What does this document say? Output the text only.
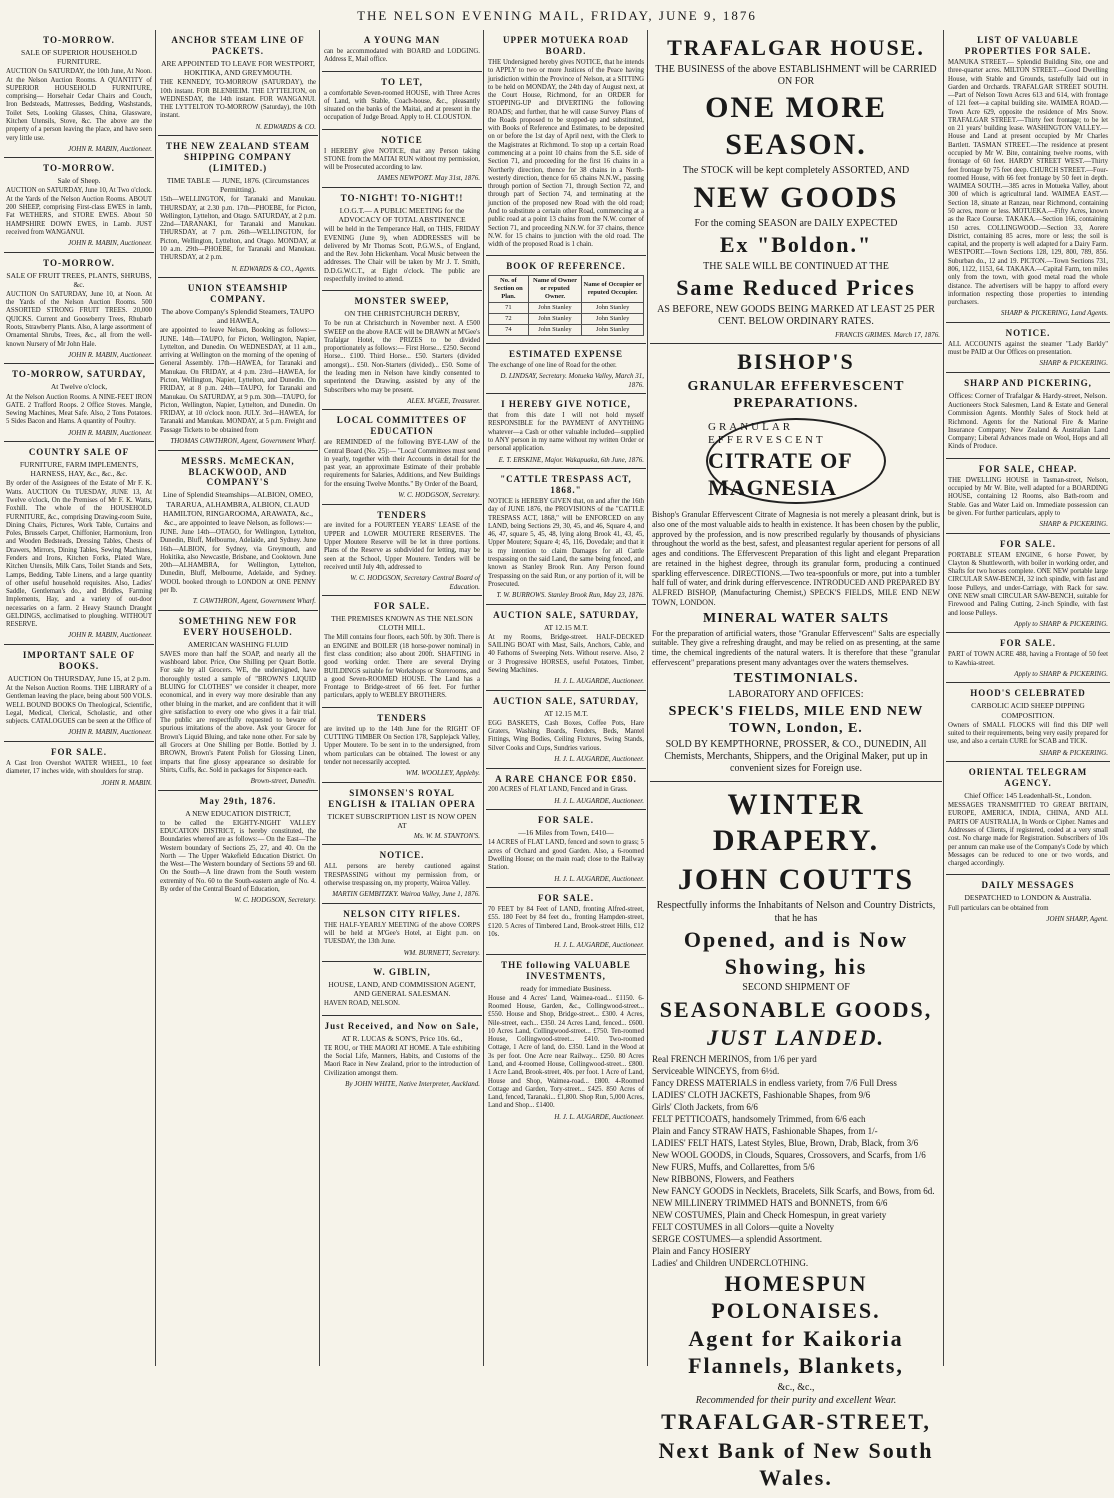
THE NELSON EVENING MAIL, FRIDAY, JUNE 9, 1876
TO-MORROW.
SALE OF SUPERIOR HOUSEHOLD FURNITURE.
AUCTION On SATURDAY, the 10th June, At Noon. At the Nelson Auction Rooms. A QUANTITY of SUPERIOR HOUSEHOLD FURNITURE, comprising— Horsehair Cedar Chairs and Couch, Iron Bedsteads, Mattresses, Bedding, Washstands, Toilet Sets, Looking Glasses, China, Glassware, Kitchen Utensils, Stove, &c. The above are the property of a person leaving the place, and have seen very little use.
JOHN R. MABIN, Auctioneer.
TO-MORROW.
Sale of Sheep.
AUCTION on SATURDAY, June 10, At Two o'clock. At the Yards of the Nelson Auction Rooms. ABOUT 200 SHEEP, comprising First-class EWES in lamb, Fat WETHERS, and STORE EWES. About 50 HAMPSHIRE DOWN EWES, in Lamb. JUST received from WANGANUI.
JOHN R. MABIN, Auctioneer.
TO-MORROW.
SALE OF FRUIT TREES, PLANTS, SHRUBS, &c.
AUCTION On SATURDAY, June 10, at Noon. At the Yards of the Nelson Auction Rooms. 500 ASSORTED STRONG FRUIT TREES. 20,000 QUICKS. Current and Gooseberry Trees, Rhubarb Roots, Strawberry Plants. Also, A large assortment of Ornamental Shrubs, Trees, &c., all from the well-known Nursery of Mr John Hale.
JOHN R. MABIN, Auctioneer.
TO-MORROW, SATURDAY,
At Twelve o'clock,
At the Nelson Auction Rooms. A NINE-FEET IRON GATE. 2 Trafford Roops. 2 Office Stoves. Mangle, Sewing Machines, Meat Safe. Also, 2 Tons Potatoes. 5 Sides Bacon and Hams. A quantity of Poultry.
JOHN R. MABIN, Auctioneer.
COUNTRY SALE OF
FURNITURE, FARM IMPLEMENTS, HARNESS, HAY, &c., &c., &c.
By order of the Assignees of the Estate of Mr F. K. Watts. AUCTION On TUESDAY, JUNE 13, At Twelve o'clock, On the Premises of Mr F. K. Watts, Foxhill. The whole of the HOUSEHOLD FURNITURE, &c., comprising Drawing-room Suite, Dining Chairs, Pictures, Work Table, Curtains and Poles, Brussels Carpet, Chiffonier, Harmonium, Iron and Wooden Bedsteads, Dressing Tables, Chests of Drawers, Mirrors, Dining Tables, Sewing Machines, Fenders and Irons, Kitchen Forks, Plated Ware, Kitchen Utensils, Milk Cans, Toilet Stands and Sets, Lamps, Bedding, Table Linens, and a large quantity of other useful household requisites. Also, Ladies' Saddle, Gentleman's do., and Bridles, Farming Implements, Hay, and a variety of out-door necessaries on a farm. 2 Heavy Staunch Draught GELDINGS, acclimatised to ploughing. WITHOUT RESERVE.
JOHN R. MABIN, Auctioneer.
IMPORTANT SALE OF BOOKS.
AUCTION On THURSDAY, June 15, at 2 p.m.
At the Nelson Auction Rooms. THE LIBRARY of a Gentleman leaving the place, being about 500 VOLS. WELL BOUND BOOKS On Theological, Scientific, Legal, Medical, Clerical, Scholastic, and other subjects. CATALOGUES can be seen at the Office of
JOHN R. MABIN, Auctioneer.
FOR SALE.
A Cast Iron Overshot WATER WHEEL, 10 feet diameter, 17 inches wide, with shoulders for strap.
JOHN R. MABIN.
ANCHOR STEAM LINE OF PACKETS.
ARE APPOINTED TO LEAVE FOR WESTPORT, HOKITIKA, AND GREYMOUTH.
THE KENNEDY, TO-MORROW (SATURDAY), the 10th instant. FOR BLENHEIM. THE LYTTELTON, on WEDNESDAY, the 14th instant. FOR WANGANUI. THE LYTTELTON TO-MORROW (Saturday), the 10th instant.
N. EDWARDS & CO.
THE NEW ZEALAND STEAM SHIPPING COMPANY (LIMITED.)
TIME TABLE — JUNE, 1876. (Circumstances Permitting).
15th—WELLINGTON, for Taranaki and Manukau. THURSDAY, at 2.30 p.m. 17th—PHOEBE, for Picton, Wellington, Lyttelton, and Otago. SATURDAY, at 2 p.m. 22nd—TARANAKI, for Taranaki and Manukau. THURSDAY, at 7 p.m. 26th—WELLINGTON, for Picton, Wellington, Lyttelton, and Otago. MONDAY, at 10 a.m. 29th—PHOEBE, for Taranaki and Manukau. THURSDAY, at 2 p.m.
N. EDWARDS & CO., Agents.
UNION STEAMSHIP COMPANY.
The above Company's Splendid Steamers, TAUPO and HAWEA,
are appointed to leave Nelson, Booking as follows:— JUNE. 14th—TAUPO, for Picton, Wellington, Napier, Lyttelton, and Dunedin. On WEDNESDAY, at 11 a.m., arriving at Wellington on the morning of the opening of General Assembly. 17th—HAWEA, for Taranaki and Manukau. On FRIDAY, at 4 p.m. 23rd—HAWEA, for Picton, Wellington, Napier, Lyttelton, and Dunedin. On FRIDAY, at 8 p.m. 24th—TAUPO, for Taranaki and Manukau. On SATURDAY, at 9 p.m. 30th—TAUPO, for Picton, Wellington, Napier, Lyttelton, and Dunedin. On FRIDAY, at 10 o'clock noon. JULY. 3rd—HAWEA, for Taranaki and Manukau. MONDAY, at 5 p.m. Freight and Passage Tickets to be obtained from
THOMAS CAWTHRON, Agent, Government Wharf.
MESSRS. McMECKAN, BLACKWOOD, AND COMPANY'S
Line of Splendid Steamships—ALBION, OMEO, TARARUA, ALHAMBRA, ALBION, CLAUD HAMILTON, RINGAROOMA, ARAWATA, &c., &c., are appointed to leave Nelson, as follows:—
JUNE. June 14th—OTAGO, for Wellington, Lyttelton, Dunedin, Bluff, Melbourne, Adelaide, and Sydney. June 16th—ALBION, for Sydney, via Greymouth, and Hokitika, also Newcastle, Brisbane, and Cooktown. June 20th—ALHAMBRA, for Wellington, Lyttelton, Dunedin, Bluff, Melbourne, Adelaide, and Sydney. WOOL booked through to LONDON at ONE PENNY per lb.
T. CAWTHRON, Agent, Government Wharf.
SOMETHING NEW FOR EVERY HOUSEHOLD.
AMERICAN WASHING FLUID
SAVES more than half the SOAP, and nearly all the washboard labor. Price, One Shilling per Quart Bottle. For sale by all Grocers. WE, the undersigned, have thoroughly tested a sample of "BROWN'S LIQUID BLUING for CLOTHES" we consider it cheaper, more economical, and in every way more desirable than any other bluing in the market, and are confident that it will give satisfaction to every one who gives it a fair trial. The public are respectfully requested to beware of spurious imitations of the above. Ask your Grocer for Brown's Liquid Bluing, and take none other. For sale by all Grocers at One Shilling per Bottle. Bottled by J. BROWN, Brown's Patent Polish for Glossing Linen, imparts that fine glossy appearance so desirable for Shirts, Cuffs, &c. Sold in packages for Sixpence each.
Brown-street, Dunedin.
May 29th, 1876.
A NEW EDUCATION DISTRICT,
to be called the EIGHTY-NIGHT VALLEY EDUCATION DISTRICT, is hereby constituted, the Boundaries whereof are as follows:— On the East—The Western boundary of Sections 25, 27, and 40. On the North — The Upper Wakefield Education District. On the West—The Western boundary of Sections 59 and 60. On the South—A line drawn from the South western extremity of No. 60 to the South-eastern angle of No. 4. By order of the Central Board of Education,
W. C. HODGSON, Secretary.
A YOUNG MAN
can be accommodated with BOARD and LODGING. Address E, Mail office.
TO LET,
a comfortable Seven-roomed HOUSE, with Three Acres of Land, with Stable, Coach-house, &c., pleasantly situated on the banks of the Maitai, and at present in the occupation of Judge Broad. Apply to H. CLOUSTON.
NOTICE
I HEREBY give NOTICE, that any Person taking STONE from the MAITAI RUN without my permission, will be Prosecuted according to law.
JAMES NEWPORT. May 31st, 1876.
TO-NIGHT! TO-NIGHT!!
I.O.G.T.— A PUBLIC MEETING for the ADVOCACY OF TOTAL ABSTINENCE
will be held in the Temperance Hall, on THIS, FRIDAY EVENING (June 9), when ADDRESSES will be delivered by Mr Thomas Scott, P.G.W.S., of England, and the Rev. John Hickenham. Vocal Music between the addresses. The Chair will be taken by Mr J. T. Smith, D.D.G.W.C.T., at Eight o'clock. The public are respectfully invited to attend.
MONSTER SWEEP,
ON THE CHRISTCHURCH DERBY,
To be run at Christchurch in November next. A £500 SWEEP on the above RACE will be DRAWN at M'Gee's Trafalgar Hotel, the PRIZES to be divided proportionately as follows:— First Horse... £250. Second Horse... £100. Third Horse... £50. Starters (divided amongst)... £50. Non-Starters (divided)... £50. Some of the leading men in Nelson have kindly consented to superintend the Drawing, assisted by any of the Subscribers who may be present.
ALEX. M'GEE, Treasurer.
LOCAL COMMITTEES OF EDUCATION
are REMINDED of the following BYE-LAW of the Central Board (No. 25):— "Local Committees must send in yearly, together with their Accounts in detail for the past year, an approximate Estimate of their probable requirements for Salaries, Additions, and New Buildings for the ensuing Twelve Months." By Order of the Board,
W. C. HODGSON, Secretary.
TENDERS
are invited for a FOURTEEN YEARS' LEASE of the UPPER and LOWER MOUTERE RESERVES. The Upper Moutere Reserve will be let in three portions. Plans of the Reserve as subdivided for letting, may be seen at the School, Upper Moutere. Tenders will be received until July 4th, addressed to
W. C. HODGSON, Secretary Central Board of Education.
FOR SALE.
THE PREMISES KNOWN AS THE NELSON CLOTH MILL.
The Mill contains four floors, each 50ft. by 30ft. There is an ENGINE and BOILER (18 horse-power nominal) in first class condition; also about 200ft. SHAFTING in good working order. There are several Drying BUILDINGS suitable for Workshops or Storerooms, and a good Seven-ROOMED HOUSE. The Land has a Frontage to Bridge-street of 66 feet. For further particulars, apply to WEBLEY BROTHERS.
TENDERS
are invited up to the 14th June for the RIGHT OF CUTTING TIMBER On Section 178, Sapplejack Valley, Upper Moutere. To be sent in to the undersigned, from whom particulars can be obtained. The lowest or any tender not necessarily accepted.
WM. WOOLLEY, Appleby.
SIMONSEN'S ROYAL ENGLISH & ITALIAN OPERA
TICKET SUBSCRIPTION LIST IS NOW OPEN AT
Ms. W. M. STANTON'S.
NOTICE.
ALL persons are hereby cautioned against TRESPASSING without my permission from, or otherwise trespassing on, my property, Wairoa Valley.
MARTIN GEMBITZKY. Wairoa Valley, June 1, 1876.
NELSON CITY RIFLES.
THE HALF-YEARLY MEETING of the above CORPS will be held at M'Gee's Hotel, at Eight p.m. on TUESDAY, the 13th June.
WM. BURNETT, Secretary.
W. GIBLIN,
HOUSE, LAND, AND COMMISSION AGENT, AND GENERAL SALESMAN.
HAVEN ROAD, NELSON.
Just Received, and Now on Sale,
AT R. LUCAS & SON'S, Price 10s. 6d.,
TE ROU, or THE MAORI AT HOME. A Tale exhibiting the Social Life, Manners, Habits, and Customs of the Maori Race in New Zealand, prior to the introduction of Civilization amongst them.
By JOHN WHITE, Native Interpreter, Auckland.
UPPER MOTUEKA ROAD BOARD.
THE Undersigned hereby gives NOTICE, that he intends to APPLY to two or more Justices of the Peace having jurisdiction within the Province of Nelson, at a SITTING to be held on MONDAY, the 24th day of August next, at the Court House, Richmond, for an ORDER for STOPPING-UP and DIVERTING the following ROADS; and further, that he will cause Survey Plans of the Roads proposed to be stopped-up and substituted, with Books of Reference and Estimates, to be deposited on or before the 1st day of April next, with the Clerk to the Magistrates at Richmond. To stop up a certain Road commencing at a point 10 chains from the S.E. side of Section 71, and proceeding for the first 16 chains in a Northerly direction, thence for 38 chains in a North-westerly direction, thence for 65 chains N.N.W., passing through portion of Section 71, through Section 72, and through part of Section 74, and terminating at the junction of the proposed new Road with the old road; And to substitute a certain other Road, commencing at a public road at a point 13 chains from the N.W. corner of Section 71, and proceeding N.N.W. for 37 chains, thence N.W. for 15 chains to junction with the old road. The width of the proposed Road is 1 chain.
BOOK OF REFERENCE.
No. of Section on Plan.	Name of Owner or reputed Owner.	Name of Occupier or reputed Occupier.
71	John Stanley	John Stanley
72	John Stanley	John Stanley
74	John Stanley	John Stanley
ESTIMATED EXPENSE
The exchange of one line of Road for the other.
D. LINDSAY, Secretary. Motueka Valley, March 31, 1876.
I HEREBY GIVE NOTICE,
that from this date I will not hold myself RESPONSIBLE for the PAYMENT of ANYTHING whatever—a Cash or other valuable included—supplied to ANY person in my name without my written Order or personal application.
E. T. ERSKINE, Major. Wakapuaka, 6th June, 1876.
"CATTLE TRESPASS ACT, 1868."
NOTICE is HEREBY GIVEN that, on and after the 16th day of JUNE 1876, the PROVISIONS of the "CATTLE TRESPASS ACT, 1868," will be ENFORCED on any LAND, being Sections 29, 30, 45, and 46, Square 4, and 46, 47, square 5, 45, 48, lying along Brook 41, 43, 45, Upper Moutere; Square 4; 45, 116, Dovedale; and that it is my intention to claim Damages for all Cattle trespassing on the said Land, the same being fenced, and known as Stanley Brook Run. Any Person found Trespassing on the said Run, or any portion of it, will be Prosecuted.
T. W. BURROWS. Stanley Brook Run, May 23, 1876.
AUCTION SALE, SATURDAY,
AT 12.15 M.T.
At my Rooms, Bridge-street. HALF-DECKED SAILING BOAT with Mast, Sails, Anchors, Cable, and 40 Fathoms of Sweeping Nets. Without reserve. Also, 2 or 3 Progressive HORSES, useful Potatoes, Timber, Sewing Machines.
H. J. L. AUGARDE, Auctioneer.
AUCTION SALE, SATURDAY,
AT 12.15 M.T.
EGG BASKETS, Cash Boxes, Coffee Pots, Hare Graters, Washing Boards, Fenders, Beds, Mantel Fittings, Wing Bodies, Ceiling Fixtures, Swing Stands, Silver Cooks and Cups, Sundries various.
H. J. L. AUGARDE, Auctioneer.
A RARE CHANCE FOR £850.
200 ACRES of FLAT LAND, Fenced and in Grass.
H. J. L. AUGARDE, Auctioneer.
FOR SALE.
—16 Miles from Town, £410—
14 ACRES of FLAT LAND, fenced and sown to grass; 5 acres of Orchard and good Garden. Also, a 6-roomed Dwelling House; on the main road; close to the Railway Station.
H. J. L. AUGARDE, Auctioneer.
FOR SALE.
70 FEET by 84 Feet of LAND, fronting Alfred-street, £55. 180 Feet by 84 feet do., fronting Hampden-street, £120. 5 Acres of Timbered Land, Brook-street Hills, £12 10s.
H. J. L. AUGARDE, Auctioneer.
THE following VALUABLE INVESTMENTS,
ready for immediate Business.
House and 4 Acres' Land, Waimea-road... £1150. 6-Roomed House, Garden, &c., Collingwood-street... £550. House and Shop, Bridge-street... £300. 4 Acres, Nile-street, each... £350. 24 Acres Land, fenced... £600. 10 Acres Land, Collingwood-street... £750. Ten-roomed House, Collingwood-street... £410. Two-roomed Cottage, 1 Acre of land, do. £350. Land in the Wood at 3s per foot. One Acre near Railway... £250. 80 Acres Land, and 4-roomed House, Collingwood-street... £800. 1 Acre Land, Brook-street, 40s. per foot. 1 Acre of Land, House and Shop, Waimea-road... £800. 4-Roomed Cottage and Garden, Tory-street... £425. 850 Acres of Land, fenced, Taranaki... £1,800. Shop Run, 5,000 Acres, Land and Shop... £1400.
H. J. L. AUGARDE, Auctioneer.
TRAFALGAR HOUSE.
THE BUSINESS of the above ESTABLISHMENT will be CARRIED ON FOR
ONE MORE SEASON.
The STOCK will be kept completely ASSORTED, AND
NEW GOODS
For the coming SEASON are DAILY EXPECTED
Ex "Boldon."
THE SALE WILL BE CONTINUED AT THE
Same Reduced Prices
AS BEFORE, NEW GOODS BEING MARKED AT LEAST 25 PER CENT. BELOW ORDINARY RATES.
FRANCIS GRIMES. March 17, 1876.
BISHOP'S
GRANULAR EFFERVESCENT PREPARATIONS.
GRANULAR EFFERVESCENT
CITRATE OF MAGNESIA
Bishop's Granular Effervescent Citrate of Magnesia is not merely a pleasant drink, but is also one of the most valuable aids to health in existence. It has been chosen by the public, approved by the profession, and is now prescribed regularly by thousands of physicians throughout the world as the best, safest, and pleasantest regular aperient for persons of all ages and conditions. The Effervescent Preparation of this light and elegant Preparation are retained in the highest degree, through its granular form, producing a continued sparkling effervescence. DIRECTIONS.—Two tea-spoonfuls or more, put into a tumbler half full of water, and drink during effervescence. INTRODUCED AND PREPARED BY ALFRED BISHOP, (Manufacturing Chemist,) SPECK'S FIELDS, MILE END NEW TOWN, LONDON.
MINERAL WATER SALTS
For the preparation of artificial waters, those "Granular Effervescent" Salts are especially suitable. They give a refreshing draught, and may be relied on as presenting, at the same time, the chemical ingredients of the natural waters. It is therefore that these "granular effervescent" preparations present many advantages over the waters themselves.
TESTIMONIALS.
LABORATORY AND OFFICES:
SPECK'S FIELDS, MILE END NEW TOWN, London, E.
SOLD BY KEMPTHORNE, PROSSER, & CO., DUNEDIN, All Chemists, Merchants, Shippers, and the Original Maker, put up in convenient sizes for Foreign use.
WINTER DRAPERY.
JOHN COUTTS
Respectfully informs the Inhabitants of Nelson and Country Districts, that he has
Opened, and is Now Showing, his
SECOND SHIPMENT OF
SEASONABLE GOODS,
JUST LANDED.
Real FRENCH MERINOS, from 1/6 per yard
Serviceable WINCEYS, from 6½d.
Fancy DRESS MATERIALS in endless variety, from 7/6 Full Dress
LADIES' CLOTH JACKETS, Fashionable Shapes, from 9/6
Girls' Cloth Jackets, from 6/6
FELT PETTICOATS, handsomely Trimmed, from 6/6 each
Plain and Fancy STRAW HATS, Fashionable Shapes, from 1/-
LADIES' FELT HATS, Latest Styles, Blue, Brown, Drab, Black, from 3/6
New WOOL GOODS, in Clouds, Squares, Crossovers, and Scarfs, from 1/6
New FURS, Muffs, and Collarettes, from 5/6
New RIBBONS, Flowers, and Feathers
New FANCY GOODS in Necklets, Bracelets, Silk Scarfs, and Bows, from 6d.
NEW MILLINERY TRIMMED HATS and BONNETS, from 6/6
NEW COSTUMES, Plain and Check Homespun, in great variety
FELT COSTUMES in all Colors—quite a Novelty
SERGE COSTUMES—a splendid Assortment.
Plain and Fancy HOSIERY
Ladies' and Children UNDERCLOTHING.
HOMESPUN POLONAISES.
Agent for Kaikoria Flannels, Blankets,
&c., &c.,
Recommended for their purity and excellent Wear.
TRAFALGAR-STREET,
Next Bank of New South Wales.
LIST OF VALUABLE PROPERTIES FOR SALE.
MANUKA STREET.— Splendid Building Site, one and three-quarter acres. MILTON STREET.—Good Dwelling House, with Stable and Grounds, tastefully laid out in Garden and Orchards. TRAFALGAR STREET SOUTH.—Part of Nelson Town Acres 613 and 614, with frontage of 121 feet—a capital building site. WAIMEA ROAD.—Town Acre 629, opposite the residence of Mrs Snow. TRAFALGAR STREET.—Thirty feet frontage; to be let on 21 years' building lease. WASHINGTON VALLEY.—House and Land at present occupied by Mr Charles Bartlett. TASMAN STREET.—The residence at present occupied by Mr W. Bite, containing twelve rooms, with frontage of 60 feet. HARDY STREET WEST.—Thirty feet frontage by 75 feet deep. CHURCH STREET.—Four-roomed House, with 66 feet frontage by 50 feet in depth. WAIMEA SOUTH.—385 acres in Motueka Valley, about 300 of which is agricultural land. WAIMEA EAST.—Section 18, situate at Ranzau, near Richmond, containing 50 acres, more or less. MOTUEKA.—Fifty Acres, known as the Race Course. TAKAKA.—Section 166, containing 150 acres. COLLINGWOOD.—Section 33, Aorere District, containing 85 acres, more or less; the soil is capital, and the property is well adapted for a Dairy Farm. WESTPORT.—Town Sections 128, 129, 800, 789, 856. Suburban do., 12 and 19. PICTON.—Town Sections 731, 806, 1122, 1153, 64. TAKAKA.—Capital Farm, ten miles only from the town, with good metal road the whole distance. The advertisers will be happy to afford every information respecting those properties to intending purchasers.
SHARP & PICKERING, Land Agents.
NOTICE.
ALL ACCOUNTS against the steamer "Lady Barkly" must be PAID at Our Offices on presentation.
SHARP & PICKERING.
SHARP AND PICKERING,
Offices: Corner of Trafalgar & Hardy-street, Nelson.
Auctioneers Stock Salesmen, Land & Estate and General Commission Agents. Monthly Sales of Stock held at Richmond. Agents for the National Fire & Marine Insurance Company; New Zealand & Australian Land Company; Liberal Advances made on Wool, Hops and all Kinds of Produce.
FOR SALE, CHEAP.
THE DWELLING HOUSE in Tasman-street, Nelson, occupied by Mr W. Bite, well adapted for a BOARDING HOUSE, containing 12 Rooms, also Bath-room and Stable. Gas and Water Laid on. Immediate possession can be given. For further particulars, apply to
SHARP & PICKERING.
FOR SALE.
PORTABLE STEAM ENGINE, 6 horse Power, by Clayton & Shuttleworth, with boiler in working order, and Shafts for two horses complete. ONE NEW portable large CIRCULAR SAW-BENCH, 32 inch spindle, with fast and loose Pulleys, and under-Carriage, with Rack for saw. ONE NEW small CIRCULAR SAW-BENCH, suitable for Firewood and Paling Cutting, 2-inch Spindle, with fast and loose Pulleys.
Apply to SHARP & PICKERING.
FOR SALE.
PART of TOWN ACRE 488, having a Frontage of 50 feet to Kawhia-street.
Apply to SHARP & PICKERING.
HOOD'S CELEBRATED
CARBOLIC ACID SHEEP DIPPING COMPOSITION.
Owners of SMALL FLOCKS will find this DIP well suited to their requirements, being very easily prepared for use, and also a certain CURE for SCAB and TICK.
SHARP & PICKERING.
ORIENTAL TELEGRAM AGENCY.
Chief Office: 145 Leadenhall-St., London.
MESSAGES TRANSMITTED TO GREAT BRITAIN, EUROPE, AMERICA, INDIA, CHINA, AND ALL PARTS OF AUSTRALIA, In Words or Cipher. Names and Addresses of Clients, if registered, coded at a very small cost. No charge made for Registration. Subscribers of 10s per annum can make use of the Company's Code by which Messages can be reduced to one or two words, and charged accordingly.
DAILY MESSAGES
DESPATCHED to LONDON & Australia.
Full particulars can be obtained from
JOHN SHARP, Agent.
